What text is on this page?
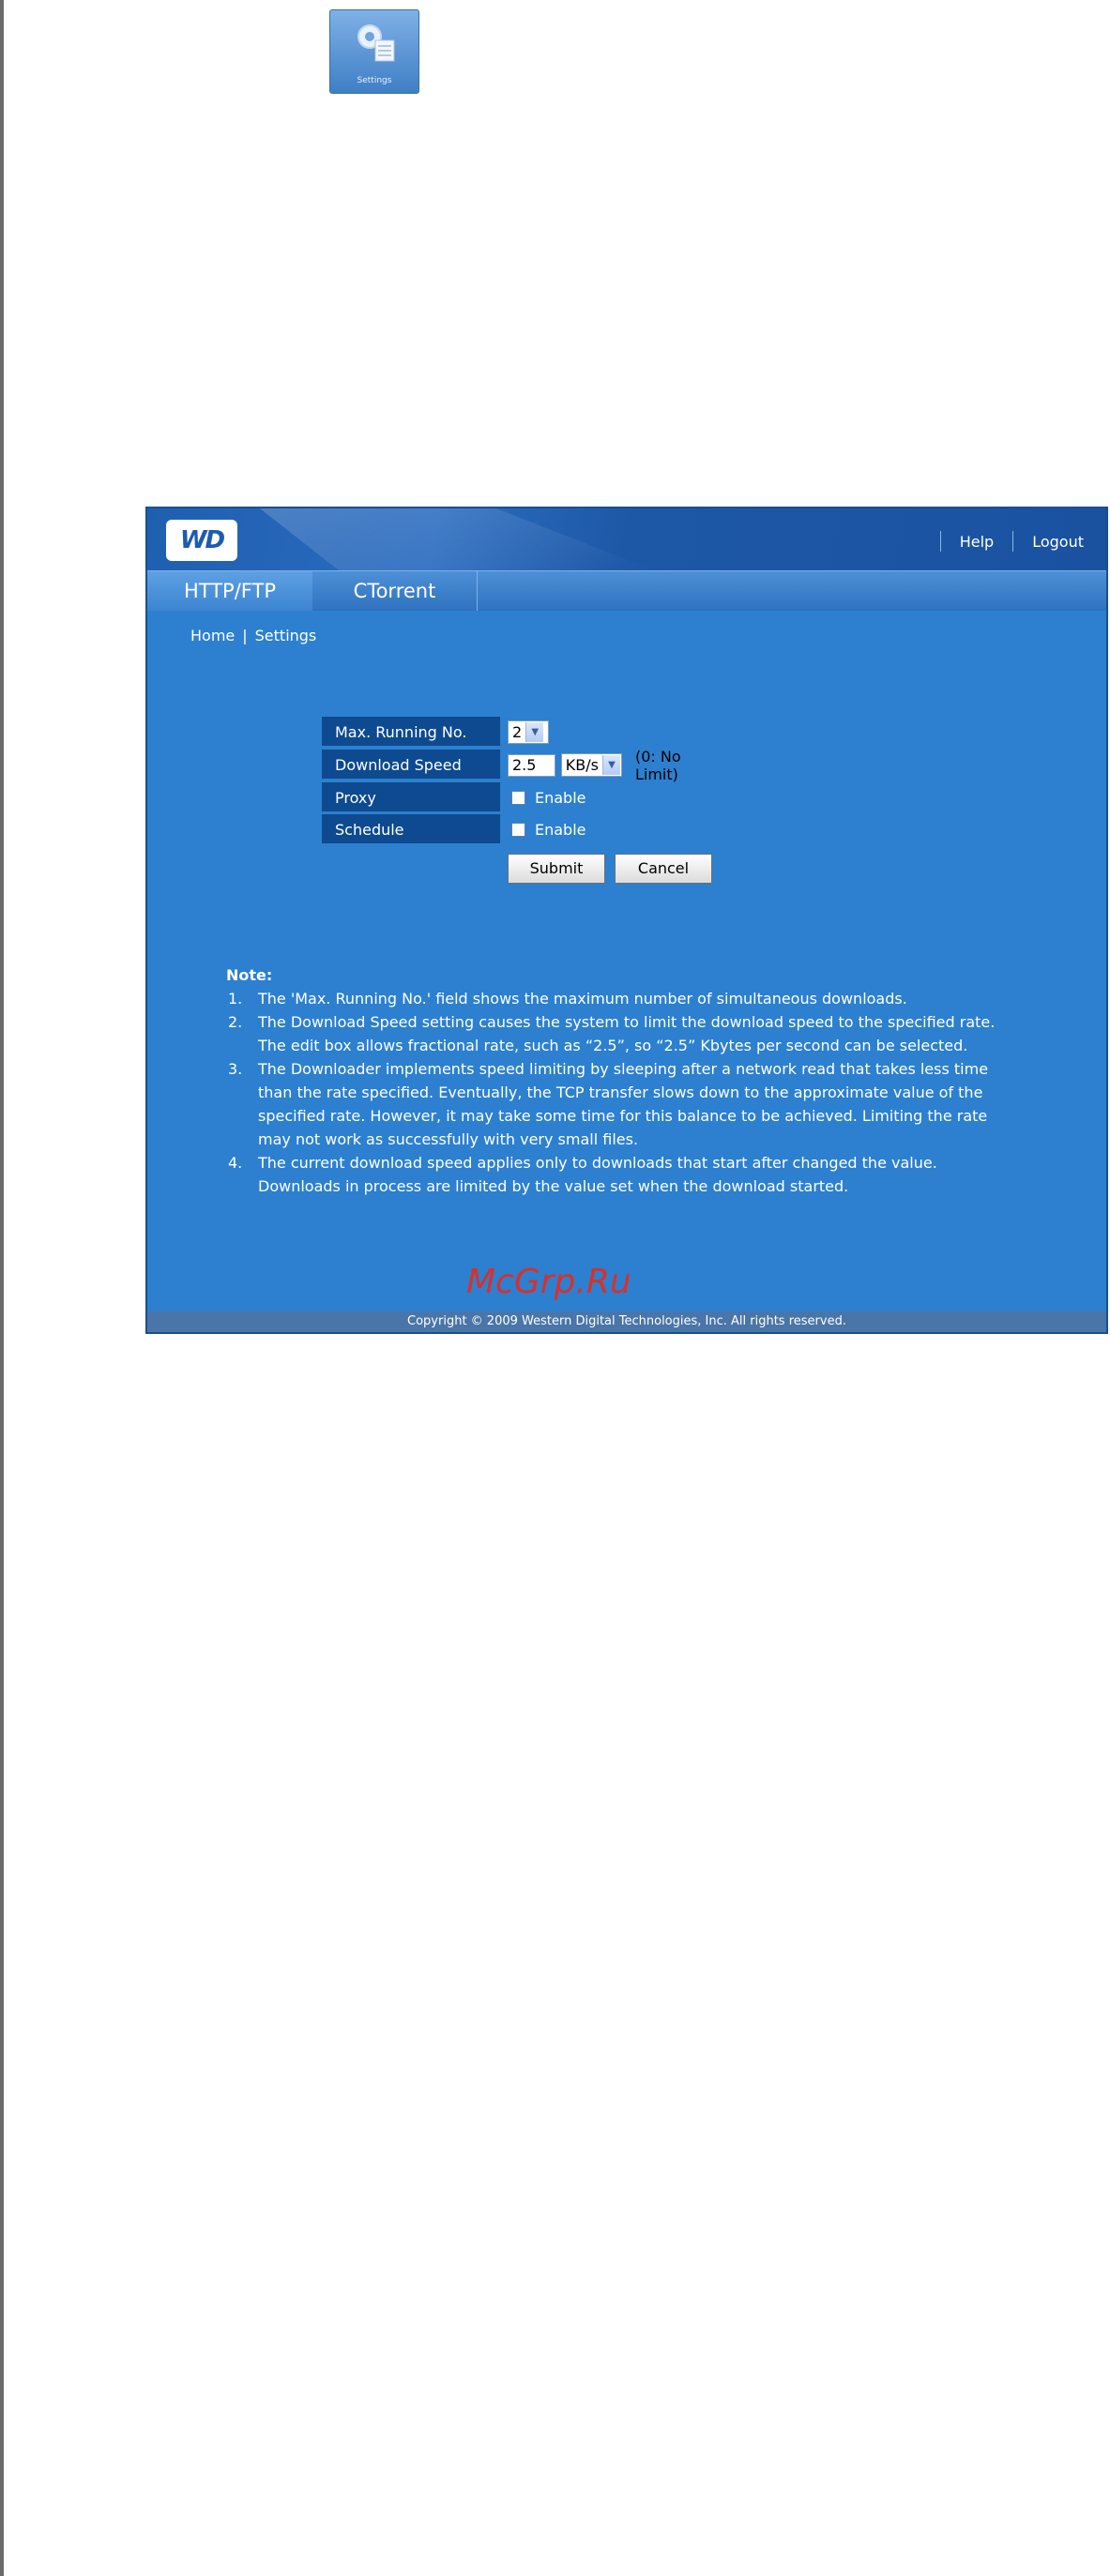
Settings
WD	Help	Logout
HTTP/FTP	CTorrent
Home | Settings
Max. Running No.	2	▼
Download Speed	2.5	KB/s	▼	(0: No Limit)
Proxy	Enable
Schedule	Enable
Submit	Cancel
Note:
1. The 'Max. Running No.' field shows the maximum number of simultaneous downloads.
2. The Download Speed setting causes the system to limit the download speed to the specified rate. The edit box allows fractional rate, such as “2.5”, so “2.5” Kbytes per second can be selected.
3. The Downloader implements speed limiting by sleeping after a network read that takes less time than the rate specified. Eventually, the TCP transfer slows down to the approximate value of the specified rate. However, it may take some time for this balance to be achieved. Limiting the rate may not work as successfully with very small files.
4. The current download speed applies only to downloads that start after changed the value. Downloads in process are limited by the value set when the download started.
McGrp.Ru
Copyright © 2009 Western Digital Technologies, Inc. All rights reserved.
